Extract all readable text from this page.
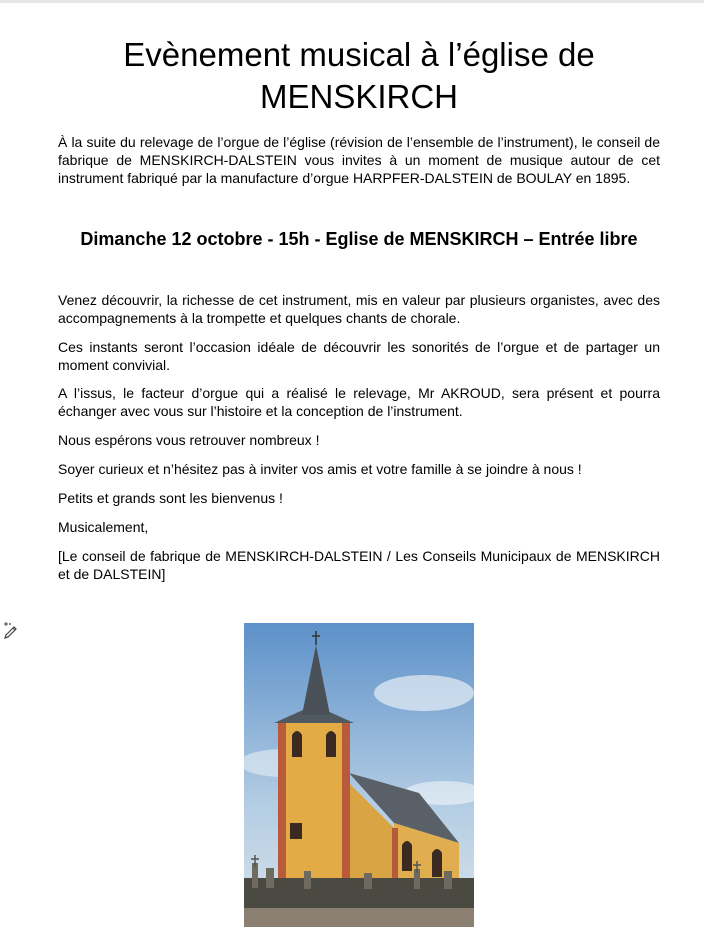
Evènement musical à l’église de MENSKIRCH

À la suite du relevage de l’orgue de l’église (révision de l’ensemble de l’instrument), le conseil de fabrique de MENSKIRCH-DALSTEIN vous invites à un moment de musique autour de cet instrument fabriqué par la manufacture d’orgue HARPFER-DALSTEIN de BOULAY en 1895.

Dimanche 12 octobre - 15h - Eglise de MENSKIRCH – Entrée libre

Venez découvrir, la richesse de cet instrument, mis en valeur par plusieurs organistes, avec des accompagnements à la trompette et quelques chants de chorale.

Ces instants seront l’occasion idéale de découvrir les sonorités de l’orgue et de partager un moment convivial.

A l’issus, le facteur d’orgue qui a réalisé le relevage, Mr AKROUD, sera présent et pourra échanger avec vous sur l’histoire et la conception de l’instrument.

Nous espérons vous retrouver nombreux !

Soyer curieux et n’hésitez pas à inviter vos amis et votre famille à se joindre à nous !

Petits et grands sont les bienvenus !

Musicalement,

[Le conseil de fabrique de MENSKIRCH-DALSTEIN / Les Conseils Municipaux de MENSKIRCH et de DALSTEIN]
